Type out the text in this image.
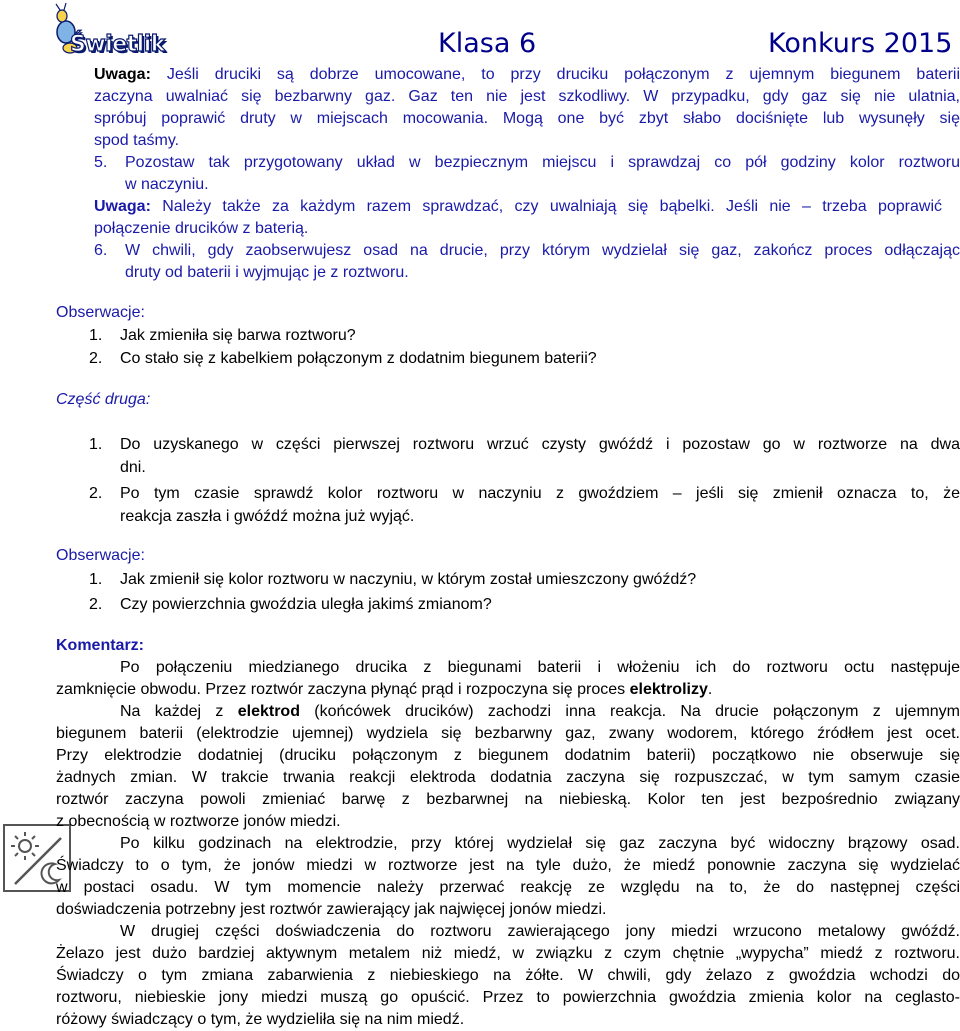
Świetlik	Klasa 6	Konkurs 2015
Uwaga: Jeśli druciki są dobrze umocowane, to przy druciku połączonym z ujemnym biegunem baterii
zaczyna uwalniać się bezbarwny gaz. Gaz ten nie jest szkodliwy. W przypadku, gdy gaz się nie ulatnia,
spróbuj poprawić druty w miejscach mocowania. Mogą one być zbyt słabo dociśnięte lub wysunęły się
spod taśmy.
5. Pozostaw tak przygotowany układ w bezpiecznym miejscu i sprawdzaj co pół godziny kolor roztworu
w naczyniu.
Uwaga: Należy także za każdym razem sprawdzać, czy uwalniają się bąbelki. Jeśli nie – trzeba poprawić
połączenie drucików z baterią.
6. W chwili, gdy zaobserwujesz osad na drucie, przy którym wydzielał się gaz, zakończ proces odłączając
druty od baterii i wyjmując je z roztworu.
Obserwacje:
1. Jak zmieniła się barwa roztworu?
2. Co stało się z kabelkiem połączonym z dodatnim biegunem baterii?
Część druga:
1. Do uzyskanego w części pierwszej roztworu wrzuć czysty gwóźdź i pozostaw go w roztworze na dwa
dni.
2. Po tym czasie sprawdź kolor roztworu w naczyniu z gwoździem – jeśli się zmienił oznacza to, że
reakcja zaszła i gwóźdź można już wyjąć.
Obserwacje:
1. Jak zmienił się kolor roztworu w naczyniu, w którym został umieszczony gwóźdź?
2. Czy powierzchnia gwoździa uległa jakimś zmianom?
Komentarz:
Po połączeniu miedzianego drucika z biegunami baterii i włożeniu ich do roztworu octu następuje
zamknięcie obwodu. Przez roztwór zaczyna płynąć prąd i rozpoczyna się proces elektrolizy.
Na każdej z elektrod (końcówek drucików) zachodzi inna reakcja. Na drucie połączonym z ujemnym
biegunem baterii (elektrodzie ujemnej) wydziela się bezbarwny gaz, zwany wodorem, którego źródłem jest ocet.
Przy elektrodzie dodatniej (druciku połączonym z biegunem dodatnim baterii) początkowo nie obserwuje się
żadnych zmian. W trakcie trwania reakcji elektroda dodatnia zaczyna się rozpuszczać, w tym samym czasie
roztwór zaczyna powoli zmieniać barwę z bezbarwnej na niebieską. Kolor ten jest bezpośrednio związany
z obecnością w roztworze jonów miedzi.
Po kilku godzinach na elektrodzie, przy której wydzielał się gaz zaczyna być widoczny brązowy osad.
Świadczy to o tym, że jonów miedzi w roztworze jest na tyle dużo, że miedź ponownie zaczyna się wydzielać
w postaci osadu. W tym momencie należy przerwać reakcję ze względu na to, że do następnej części
doświadczenia potrzebny jest roztwór zawierający jak najwięcej jonów miedzi.
W drugiej części doświadczenia do roztworu zawierającego jony miedzi wrzucono metalowy gwóźdź.
Żelazo jest dużo bardziej aktywnym metalem niż miedź, w związku z czym chętnie „wypycha” miedź z roztworu.
Świadczy o tym zmiana zabarwienia z niebieskiego na żółte. W chwili, gdy żelazo z gwoździa wchodzi do
roztworu, niebieskie jony miedzi muszą go opuścić. Przez to powierzchnia gwoździa zmienia kolor na ceglasto-
różowy świadczący o tym, że wydzieliła się na nim miedź.
